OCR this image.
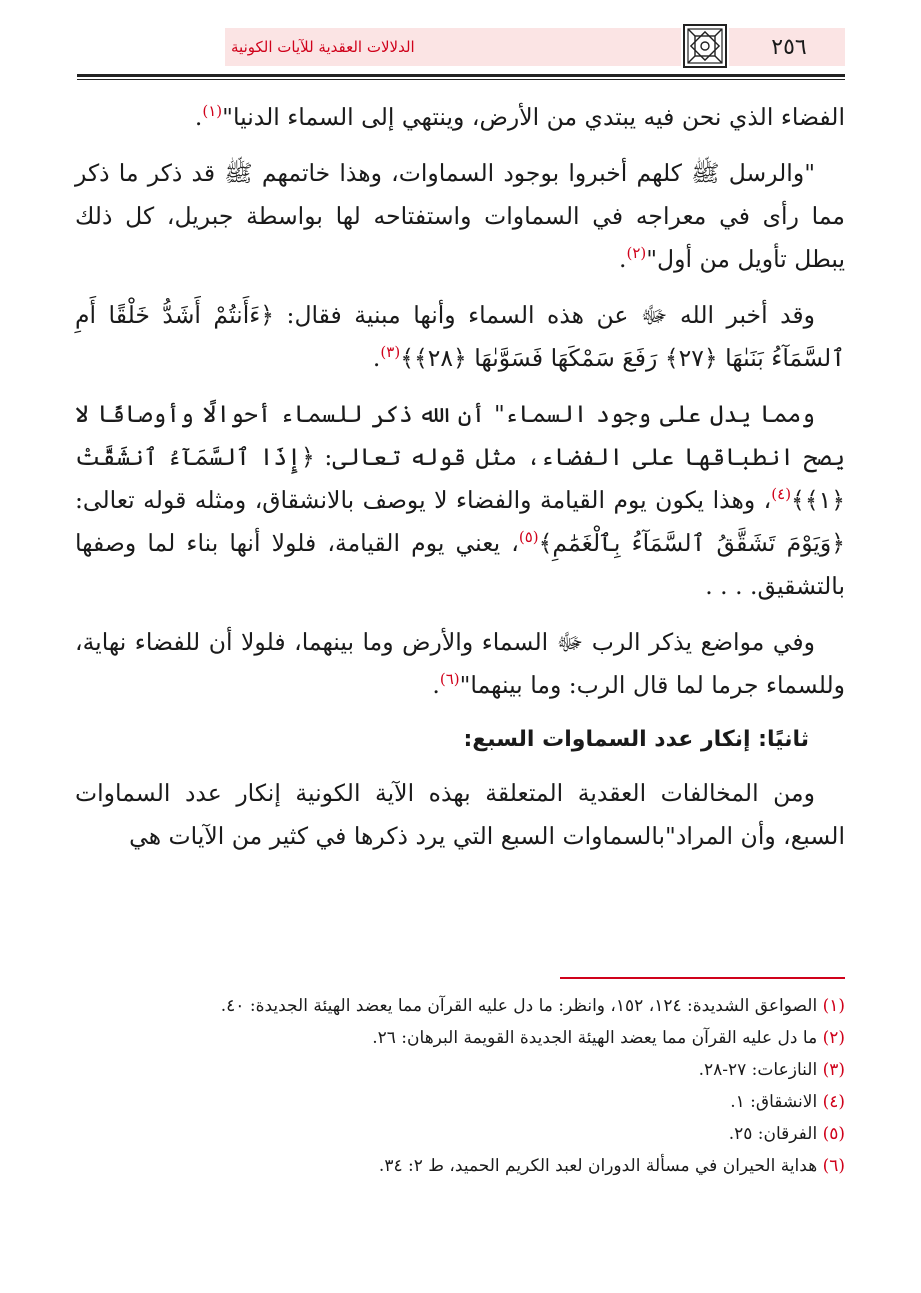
الدلالات العقدية للآيات الكونية	٢٥٦

الفضاء الذي نحن فيه يبتدي من الأرض، وينتهي إلى السماء الدنيا"$^{(١)}$.

"والرسل ﷺ كلهم أخبروا بوجود السماوات، وهذا خاتمهم ﷺ قد ذكر ما ذكر مما رأى في معراجه في السماوات واستفتاحه لها بواسطة جبريل، كل ذلك يبطل تأويل من أول"$^{(٢)}$.

وقد أخبر الله ﷻ عن هذه السماء وأنها مبنية فقال: ﴿ءَأَنتُمْ أَشَدُّ خَلْقًا أَمِ ٱلسَّمَآءُ بَنَىٰهَا ﴿٢٧﴾ رَفَعَ سَمْكَهَا فَسَوَّىٰهَا ﴿٢٨﴾﴾$^{(٣)}$.

ومما يدل على وجود السماء" أن الله ذكر للسماء أحوالًا وأوصافًا لا يصح انطباقها على الفضاء، مثل قوله تعالى: ﴿إِذَا ٱلسَّمَآءُ ٱنشَقَّتْ ﴿١﴾﴾$^{(٤)}$، وهذا يكون يوم القيامة والفضاء لا يوصف بالانشقاق، ومثله قوله تعالى: ﴿وَيَوْمَ تَشَقَّقُ ٱلسَّمَآءُ بِٱلْغَمَٰمِ﴾$^{(٥)}$، يعني يوم القيامة، فلولا أنها بناء لما وصفها بالتشقيق. . . .

وفي مواضع يذكر الرب ﷻ السماء والأرض وما بينهما، فلولا أن للفضاء نهاية، وللسماء جرما لما قال الرب: وما بينهما"$^{(٦)}$.

ثانيًا: إنكار عدد السماوات السبع:

ومن المخالفات العقدية المتعلقة بهذه الآية الكونية إنكار عدد السماوات السبع، وأن المراد"بالسماوات السبع التي يرد ذكرها في كثير من الآيات هي

(١) الصواعق الشديدة: ١٢٤، ١٥٢، وانظر: ما دل عليه القرآن مما يعضد الهيئة الجديدة: ٤٠.

(٢) ما دل عليه القرآن مما يعضد الهيئة الجديدة القويمة البرهان: ٢٦.

(٣) النازعات: ٢٧-٢٨.

(٤) الانشقاق: ١.

(٥) الفرقان: ٢٥.

(٦) هداية الحيران في مسألة الدوران لعبد الكريم الحميد، ط ٢: ٣٤.
